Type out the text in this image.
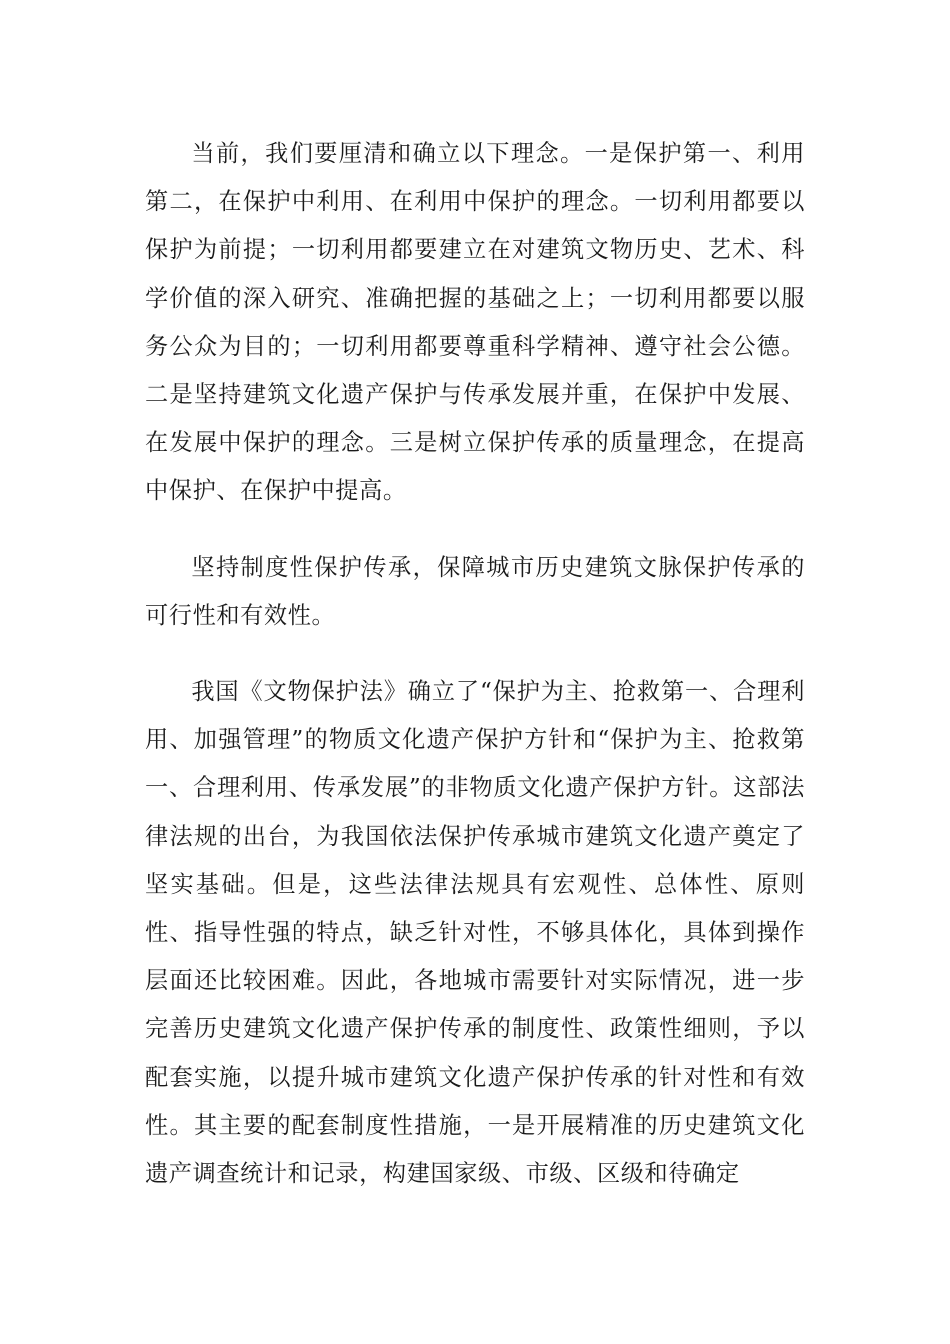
当前，我们要厘清和确立以下理念。一是保护第一、利用第二，在保护中利用、在利用中保护的理念。一切利用都要以保护为前提；一切利用都要建立在对建筑文物历史、艺术、科学价值的深入研究、准确把握的基础之上；一切利用都要以服务公众为目的；一切利用都要尊重科学精神、遵守社会公德。二是坚持建筑文化遗产保护与传承发展并重，在保护中发展、在发展中保护的理念。三是树立保护传承的质量理念，在提高中保护、在保护中提高。

坚持制度性保护传承，保障城市历史建筑文脉保护传承的可行性和有效性。

我国《文物保护法》确立了“保护为主、抢救第一、合理利用、加强管理”的物质文化遗产保护方针和“保护为主、抢救第一、合理利用、传承发展”的非物质文化遗产保护方针。这部法律法规的出台，为我国依法保护传承城市建筑文化遗产奠定了坚实基础。但是，这些法律法规具有宏观性、总体性、原则性、指导性强的特点，缺乏针对性，不够具体化，具体到操作层面还比较困难。因此，各地城市需要针对实际情况，进一步完善历史建筑文化遗产保护传承的制度性、政策性细则，予以配套实施，以提升城市建筑文化遗产保护传承的针对性和有效性。其主要的配套制度性措施，一是开展精准的历史建筑文化遗产调查统计和记录，构建国家级、市级、区级和待确定
